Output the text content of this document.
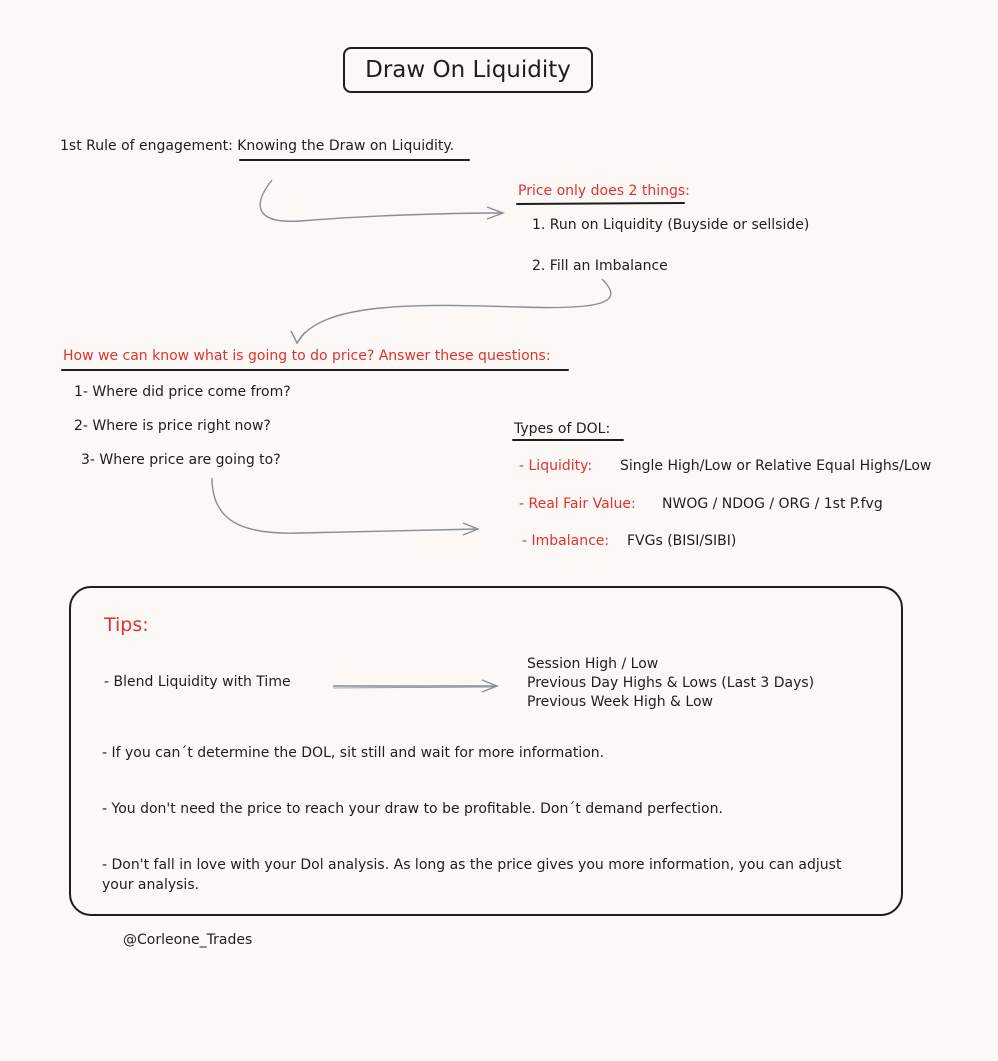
Draw On Liquidity
1st Rule of engagement: Knowing the Draw on Liquidity.
Price only does 2 things:
1. Run on Liquidity (Buyside or sellside)
2. Fill an Imbalance
How we can know what is going to do price? Answer these questions:
1- Where did price come from?
2- Where is price right now?
3- Where price are going to?
Types of DOL:
- Liquidity: Single High/Low or Relative Equal Highs/Low
- Real Fair Value: NWOG / NDOG / ORG / 1st P.fvg
- Imbalance: FVGs (BISI/SIBI)
Tips:
- Blend Liquidity with Time
Session High / Low
Previous Day Highs & Lows (Last 3 Days)
Previous Week High & Low
- If you can´t determine the DOL, sit still and wait for more information.
- You don't need the price to reach your draw to be profitable. Don´t demand perfection.
- Don't fall in love with your Dol analysis. As long as the price gives you more information, you can adjust
your analysis.
@Corleone_Trades
